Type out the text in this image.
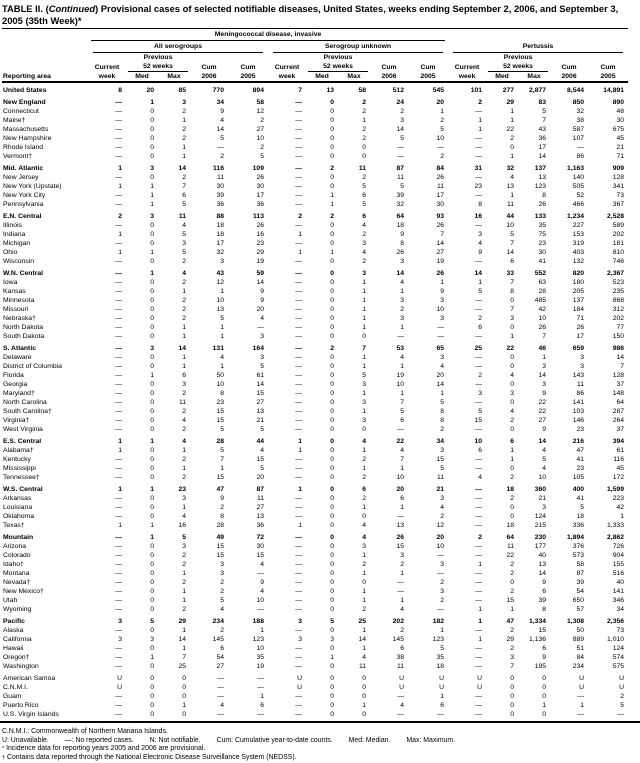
TABLE II. (Continued) Provisional cases of selected notifiable diseases, United States, weeks ending September 2, 2006, and September 3, 2005 (35th Week)*
Reporting area	Meningococcal disease, invasive														

	All serogroups					Serogroup unknown					Pertussis				

		Previous					Previous					Previous			
	Current	52 weeks		Cum	Cum	Current	52 weeks		Cum	Cum	Current	52 weeks		Cum	Cum
	week	Med	Max	2006	2005	week	Med	Max	2006	2005	week	Med	Max	2006	2005
United States	8	20	85	770	894	7	13	58	512	545	101	277	2,877	8,544	14,891
New England	—	1	3	34	58	—	0	2	24	20	2	29	83	850	890
Connecticut	—	0	2	9	12	—	0	2	2	1	—	1	5	32	48
Maine†	—	0	1	4	2	—	0	1	3	2	1	1	7	38	30
Massachusetts	—	0	2	14	27	—	0	2	14	5	1	22	43	587	675
New Hampshire	—	0	2	5	10	—	0	2	5	10	—	2	36	107	45
Rhode Island	—	0	1	—	2	—	0	0	—	—	—	0	17	—	21
Vermont†	—	0	1	2	5	—	0	0	—	2	—	1	14	86	71
Mid. Atlantic	1	3	14	116	109	—	2	11	87	84	31	32	137	1,163	909
New Jersey	—	0	2	11	26	—	0	2	11	26	—	4	13	140	128
New York (Upstate)	1	1	7	30	30	—	0	5	5	11	23	13	123	505	341
New York City	—	1	6	39	17	—	1	6	39	17	—	1	8	52	73
Pennsylvania	—	1	5	36	36	—	1	5	32	30	8	11	26	466	367
E.N. Central	2	3	11	88	113	2	2	6	64	93	16	44	133	1,234	2,528
Illinois	—	0	4	18	26	—	0	4	18	26	—	10	35	227	589
Indiana	1	0	5	18	16	1	0	2	9	7	3	5	75	153	202
Michigan	—	0	3	17	23	—	0	3	8	14	4	7	23	319	181
Ohio	1	1	5	32	29	1	1	4	26	27	9	14	30	403	810
Wisconsin	—	0	2	3	19	—	0	2	3	19	—	6	41	132	746
W.N. Central	—	1	4	43	59	—	0	3	14	26	14	33	552	820	2,367
Iowa	—	0	2	12	14	—	0	1	4	1	1	7	63	180	523
Kansas	—	0	1	1	9	—	0	1	1	9	5	8	28	205	235
Minnesota	—	0	2	10	9	—	0	1	3	3	—	0	485	137	868
Missouri	—	0	2	13	20	—	0	1	2	10	—	7	42	184	312
Nebraska†	—	0	2	5	4	—	0	1	3	3	2	3	10	71	202
North Dakota	—	0	1	1	—	—	0	1	1	—	6	0	26	26	77
South Dakota	—	0	1	1	3	—	0	0	—	—	—	1	7	17	150
S. Atlantic	—	3	14	131	164	—	2	7	53	65	25	22	46	659	986
Delaware	—	0	1	4	3	—	0	1	4	3	—	0	1	3	14
District of Columbia	—	0	1	1	5	—	0	1	1	4	—	0	3	3	7
Florida	—	1	6	50	61	—	0	5	19	20	2	4	14	143	128
Georgia	—	0	3	10	14	—	0	3	10	14	—	0	3	11	37
Maryland†	—	0	2	8	15	—	0	1	1	1	3	3	9	86	148
North Carolina	—	0	11	23	27	—	0	3	7	5	—	0	22	141	64
South Carolina†	—	0	2	15	13	—	0	1	5	8	5	4	22	103	287
Virginia†	—	0	4	15	21	—	0	3	6	8	15	2	27	146	264
West Virginia	—	0	2	5	5	—	0	0	—	2	—	0	9	23	37
E.S. Central	1	1	4	28	44	1	0	4	22	34	10	6	14	216	394
Alabama†	1	0	1	5	4	1	0	1	4	3	6	1	4	47	61
Kentucky	—	0	2	7	15	—	0	2	7	15	—	1	5	41	116
Mississippi	—	0	1	1	5	—	0	1	1	5	—	0	4	23	45
Tennessee†	—	0	2	15	20	—	0	2	10	11	4	2	10	105	172
W.S. Central	1	1	23	47	87	1	0	6	20	21	—	18	360	400	1,599
Arkansas	—	0	3	9	11	—	0	2	6	3	—	2	21	41	223
Louisiana	—	0	1	2	27	—	0	1	1	4	—	0	3	5	42
Oklahoma	—	0	4	8	13	—	0	0	—	2	—	0	124	18	1
Texas†	1	1	16	28	36	1	0	4	13	12	—	18	215	336	1,333
Mountain	—	1	5	49	72	—	0	4	26	20	2	64	230	1,894	2,862
Arizona	—	0	3	15	30	—	0	3	15	10	—	11	177	376	726
Colorado	—	0	2	15	15	—	0	1	3	—	—	22	40	573	904
Idaho†	—	0	2	3	4	—	0	2	2	3	1	2	13	58	155
Montana	—	0	1	3	—	—	0	1	1	—	—	2	14	87	516
Nevada†	—	0	2	2	9	—	0	0	—	2	—	0	9	39	40
New Mexico†	—	0	1	2	4	—	0	1	—	3	—	2	6	54	141
Utah	—	0	1	5	10	—	0	1	1	2	—	15	39	650	346
Wyoming	—	0	2	4	—	—	0	2	4	—	1	1	8	57	34
Pacific	3	5	29	234	188	3	5	25	202	182	1	47	1,334	1,308	2,356
Alaska	—	0	1	2	1	—	0	1	2	1	—	2	15	50	73
California	3	3	14	145	123	3	3	14	145	123	1	29	1,136	889	1,010
Hawaii	—	0	1	6	10	—	0	1	6	5	—	2	6	51	124
Oregon†	—	1	7	54	35	—	1	4	38	35	—	3	9	84	574
Washington	—	0	25	27	19	—	0	11	11	18	—	7	195	234	575
American Samoa	U	0	0	—	—	U	0	0	U	U	U	0	0	U	U
C.N.M.I.	U	0	0	—	—	U	0	0	U	U	U	0	0	U	U
Guam	—	0	0	—	1	—	0	0	—	1	—	0	0	—	2
Puerto Rico	—	0	1	4	6	—	0	1	4	6	—	0	1	1	5
U.S. Virgin Islands	—	0	0	—	—	—	0	0	—	—	—	0	0	—	—
C.N.M.I.: Commonwealth of Northern Mariana Islands.
U: Unavailable. —: No reported cases. N: Not notifiable. Cum: Cumulative year-to-date counts. Med: Median. Max: Maximum.
* Incidence data for reporting years 2005 and 2006 are provisional.
† Contains data reported through the National Electronic Disease Surveillance System (NEDSS).
